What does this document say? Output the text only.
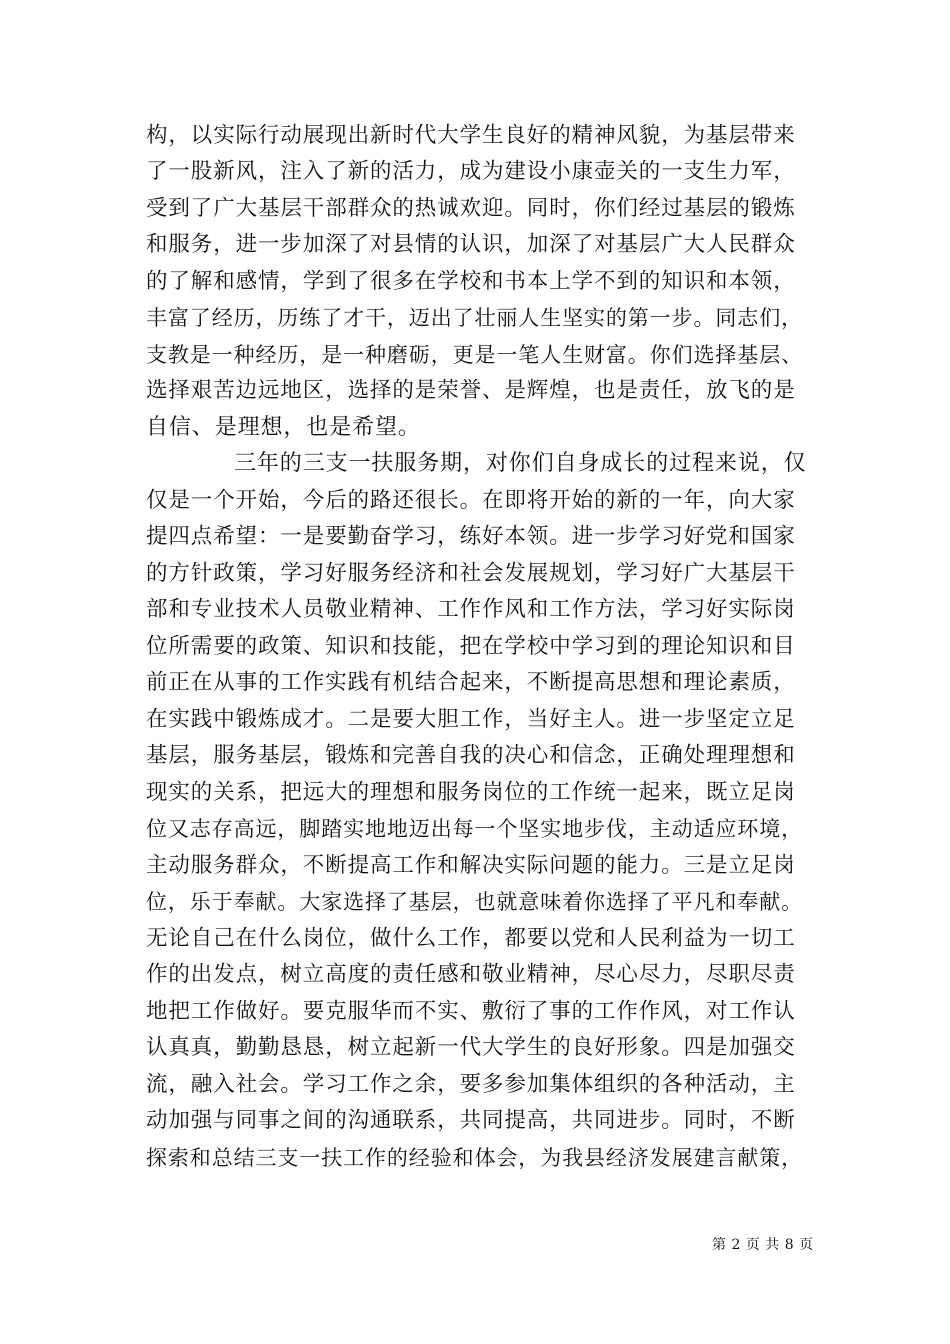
构，以实际行动展现出新时代大学生良好的精神风貌，为基层带来
了一股新风，注入了新的活力，成为建设小康壶关的一支生力军，
受到了广大基层干部群众的热诚欢迎。同时，你们经过基层的锻炼
和服务，进一步加深了对县情的认识，加深了对基层广大人民群众
的了解和感情，学到了很多在学校和书本上学不到的知识和本领，
丰富了经历，历练了才干，迈出了壮丽人生坚实的第一步。同志们，
支教是一种经历，是一种磨砺，更是一笔人生财富。你们选择基层、
选择艰苦边远地区，选择的是荣誉、是辉煌，也是责任，放飞的是
自信、是理想，也是希望。
三年的三支一扶服务期，对你们自身成长的过程来说，仅
仅是一个开始，今后的路还很长。在即将开始的新的一年，向大家
提四点希望：一是要勤奋学习，练好本领。进一步学习好党和国家
的方针政策，学习好服务经济和社会发展规划，学习好广大基层干
部和专业技术人员敬业精神、工作作风和工作方法，学习好实际岗
位所需要的政策、知识和技能，把在学校中学习到的理论知识和目
前正在从事的工作实践有机结合起来，不断提高思想和理论素质，
在实践中锻炼成才。二是要大胆工作，当好主人。进一步坚定立足
基层，服务基层，锻炼和完善自我的决心和信念，正确处理理想和
现实的关系，把远大的理想和服务岗位的工作统一起来，既立足岗
位又志存高远，脚踏实地地迈出每一个坚实地步伐，主动适应环境，
主动服务群众，不断提高工作和解决实际问题的能力。三是立足岗
位，乐于奉献。大家选择了基层，也就意味着你选择了平凡和奉献。
无论自己在什么岗位，做什么工作，都要以党和人民利益为一切工
作的出发点，树立高度的责任感和敬业精神，尽心尽力，尽职尽责
地把工作做好。要克服华而不实、敷衍了事的工作作风，对工作认
认真真，勤勤恳恳，树立起新一代大学生的良好形象。四是加强交
流，融入社会。学习工作之余，要多参加集体组织的各种活动，主
动加强与同事之间的沟通联系，共同提高，共同进步。同时，不断
探索和总结三支一扶工作的经验和体会，为我县经济发展建言献策，
第 2 页 共 8 页
